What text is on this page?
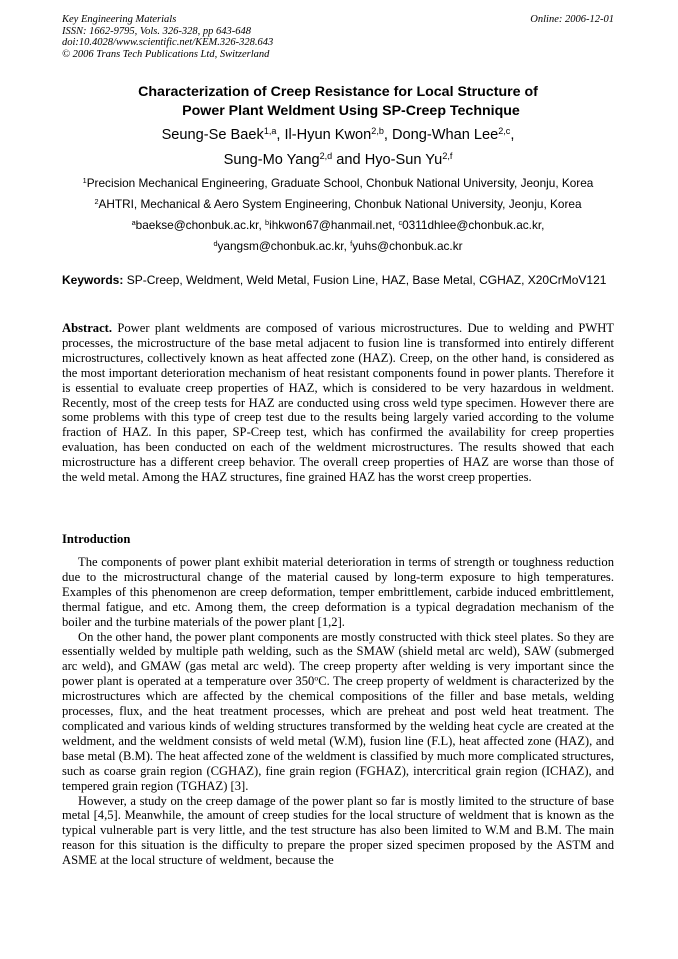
Key Engineering Materials
ISSN: 1662-9795, Vols. 326-328, pp 643-648
doi:10.4028/www.scientific.net/KEM.326-328.643
© 2006 Trans Tech Publications Ltd, Switzerland
Online: 2006-12-01
Characterization of Creep Resistance for Local Structure of
Power Plant Weldment Using SP-Creep Technique
Seung-Se Baek$^{1,a}$, Il-Hyun Kwon$^{2,b}$, Dong-Whan Lee$^{2,c}$,
Sung-Mo Yang$^{2,d}$ and Hyo-Sun Yu$^{2,f}$
$^1$Precision Mechanical Engineering, Graduate School, Chonbuk National University, Jeonju, Korea
$^2$AHTRI, Mechanical & Aero System Engineering, Chonbuk National University, Jeonju, Korea
$^a$baekse@chonbuk.ac.kr, $^b$ihkwon67@hanmail.net, $^c$0311dhlee@chonbuk.ac.kr,
$^d$yangsm@chonbuk.ac.kr, $^f$yuhs@chonbuk.ac.kr
Keywords: SP-Creep, Weldment, Weld Metal, Fusion Line, HAZ, Base Metal, CGHAZ, X20CrMoV121
Abstract. Power plant weldments are composed of various microstructures. Due to welding and PWHT processes, the microstructure of the base metal adjacent to fusion line is transformed into entirely different microstructures, collectively known as heat affected zone (HAZ). Creep, on the other hand, is considered as the most important deterioration mechanism of heat resistant components found in power plants. Therefore it is essential to evaluate creep properties of HAZ, which is considered to be very hazardous in weldment. Recently, most of the creep tests for HAZ are conducted using cross weld type specimen. However there are some problems with this type of creep test due to the results being largely varied according to the volume fraction of HAZ. In this paper, SP-Creep test, which has confirmed the availability for creep properties evaluation, has been conducted on each of the weldment microstructures. The results showed that each microstructure has a different creep behavior. The overall creep properties of HAZ are worse than those of the weld metal. Among the HAZ structures, fine grained HAZ has the worst creep properties.
Introduction

The components of power plant exhibit material deterioration in terms of strength or toughness reduction due to the microstructural change of the material caused by long-term exposure to high temperatures. Examples of this phenomenon are creep deformation, temper embrittlement, carbide induced embrittlement, thermal fatigue, and etc. Among them, the creep deformation is a typical degradation mechanism of the boiler and the turbine materials of the power plant [1,2].

On the other hand, the power plant components are mostly constructed with thick steel plates. So they are essentially welded by multiple path welding, such as the SMAW (shield metal arc weld), SAW (submerged arc weld), and GMAW (gas metal arc weld). The creep property after welding is very important since the power plant is operated at a temperature over 350$^o$C. The creep property of weldment is characterized by the microstructures which are affected by the chemical compositions of the filler and base metals, welding processes, flux, and the heat treatment processes, which are preheat and post weld heat treatment. The complicated and various kinds of welding structures transformed by the welding heat cycle are created at the weldment, and the weldment consists of weld metal (W.M), fusion line (F.L), heat affected zone (HAZ), and base metal (B.M). The heat affected zone of the weldment is classified by much more complicated structures, such as coarse grain region (CGHAZ), fine grain region (FGHAZ), intercritical grain region (ICHAZ), and tempered grain region (TGHAZ) [3].

However, a study on the creep damage of the power plant so far is mostly limited to the structure of base metal [4,5]. Meanwhile, the amount of creep studies for the local structure of weldment that is known as the typical vulnerable part is very little, and the test structure has also been limited to W.M and B.M. The main reason for this situation is the difficulty to prepare the proper sized specimen proposed by the ASTM and ASME at the local structure of weldment, because the
